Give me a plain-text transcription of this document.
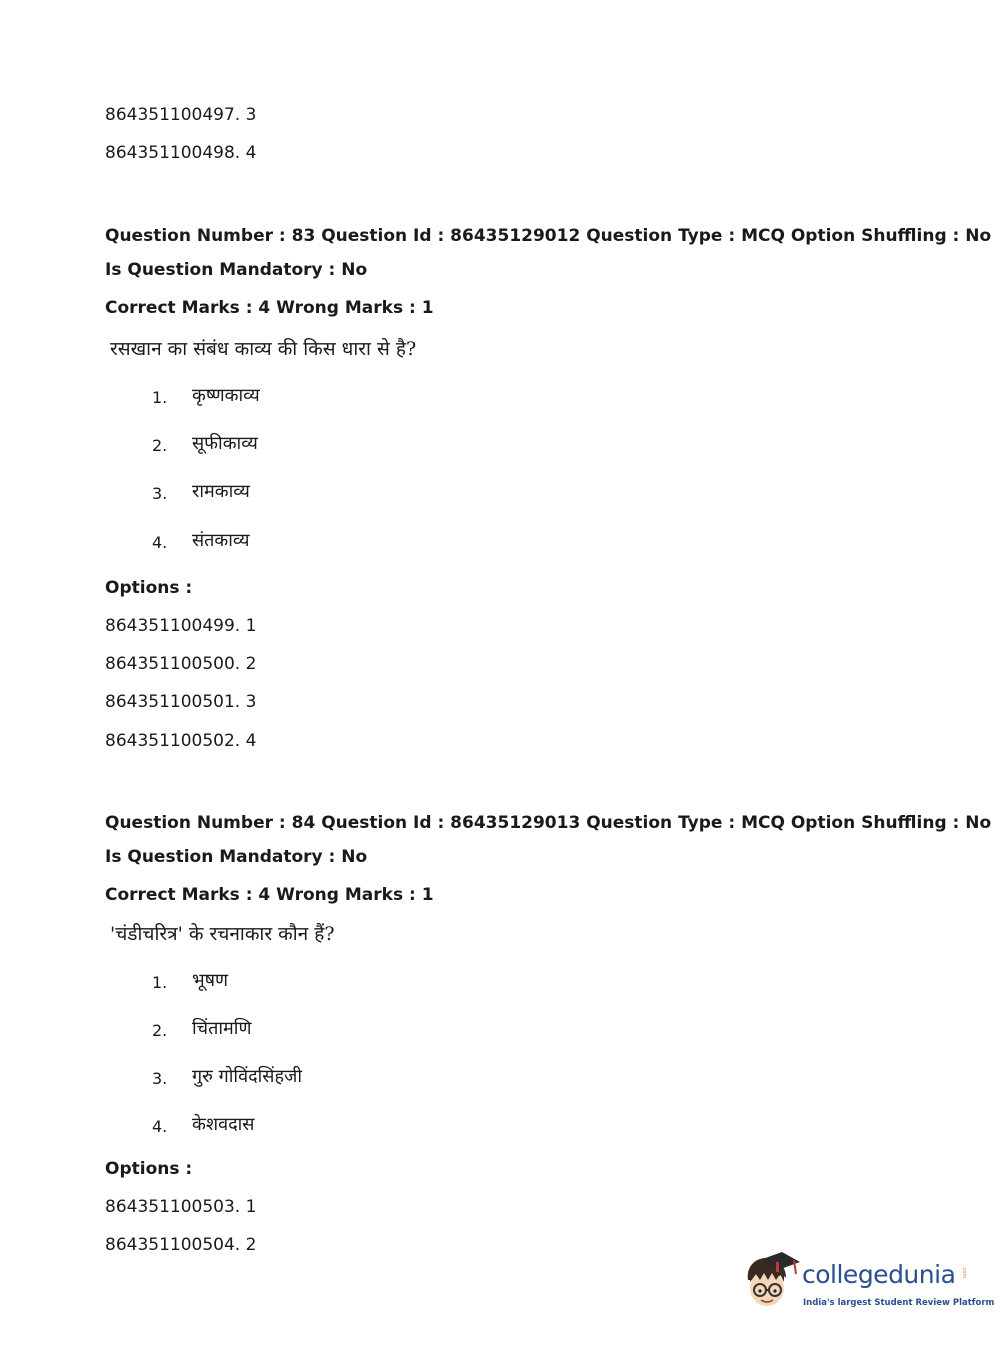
864351100497. 3
864351100498. 4
Question Number : 83 Question Id : 86435129012 Question Type : MCQ Option Shuffling : No
Is Question Mandatory : No
Correct Marks : 4 Wrong Marks : 1
रसखान का संबंध काव्य की किस धारा से है?
1. कृष्णकाव्य
2. सूफीकाव्य
3. रामकाव्य
4. संतकाव्य
Options :
864351100499. 1
864351100500. 2
864351100501. 3
864351100502. 4
Question Number : 84 Question Id : 86435129013 Question Type : MCQ Option Shuffling : No
Is Question Mandatory : No
Correct Marks : 4 Wrong Marks : 1
'चंडीचरित्र' के रचनाकार कौन हैं?
1. भूषण
2. चिंतामणि
3. गुरु गोविंदसिंहजी
4. केशवदास
Options :
864351100503. 1
864351100504. 2
collegedunia .com
India's largest Student Review Platform
